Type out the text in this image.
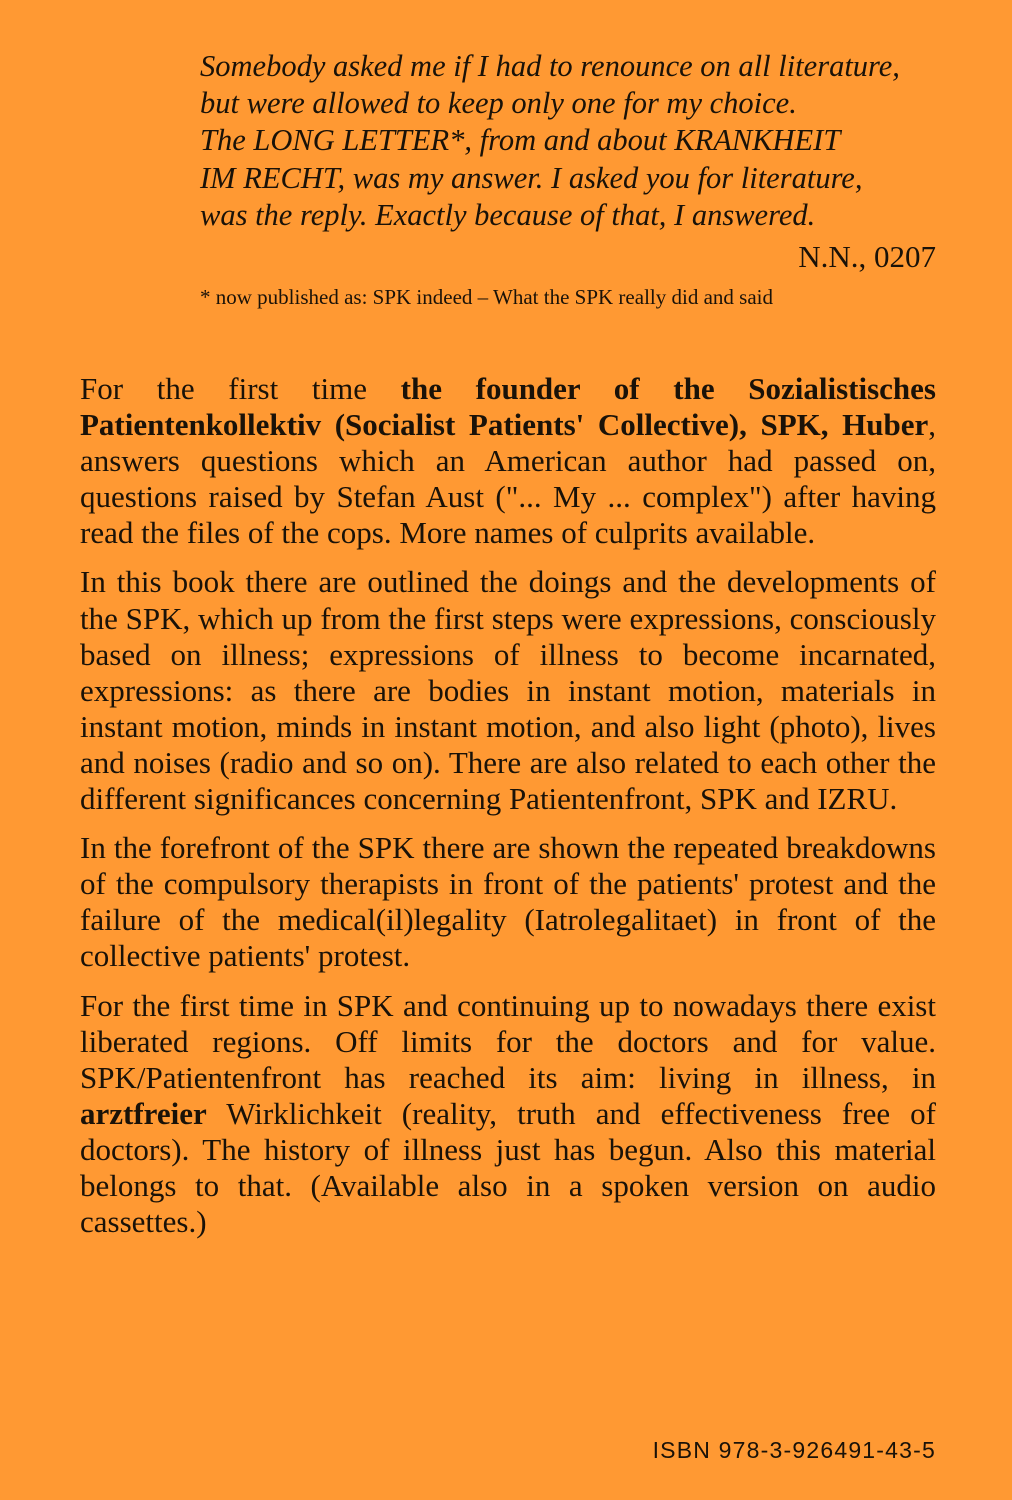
Somebody asked me if I had to renounce on all literature,
but were allowed to keep only one for my choice.
The LONG LETTER*, from and about KRANKHEIT
IM RECHT, was my answer. I asked you for literature,
was the reply. Exactly because of that, I answered.
N.N., 0207
* now published as: SPK indeed – What the SPK really did and said

For the first time the founder of the Sozialistisches Patientenkollektiv (Socialist Patients' Collective), SPK, Huber, answers questions which an American author had passed on, questions raised by Stefan Aust ("... My ... complex") after having read the files of the cops. More names of culprits available.

In this book there are outlined the doings and the developments of the SPK, which up from the first steps were expressions, consciously based on illness; expressions of illness to become incarnated, expressions: as there are bodies in instant motion, materials in instant motion, minds in instant motion, and also light (photo), lives and noises (radio and so on). There are also related to each other the different significances concerning Patientenfront, SPK and IZRU.

In the forefront of the SPK there are shown the repeated breakdowns of the compulsory therapists in front of the patients' protest and the failure of the medical(il)legality (Iatrolegalitaet) in front of the collective patients' protest.

For the first time in SPK and continuing up to nowadays there exist liberated regions. Off limits for the doctors and for value. SPK/Patientenfront has reached its aim: living in illness, in arztfreier Wirklichkeit (reality, truth and effectiveness free of doctors). The history of illness just has begun. Also this material belongs to that. (Available also in a spoken version on audio cassettes.)

ISBN 978-3-926491-43-5
